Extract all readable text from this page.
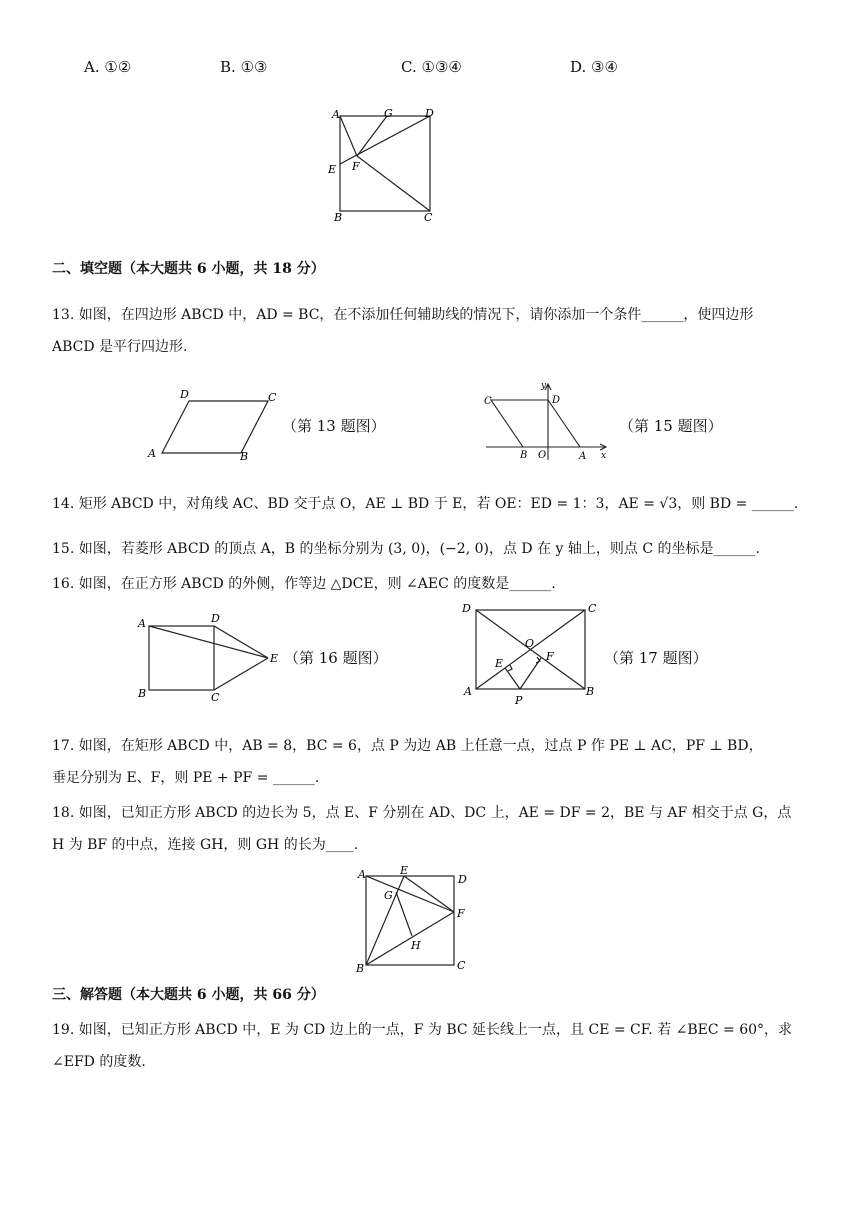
A. ①②	B. ①③	C. ①③④	D. ③④
A	G	D
E F
B	C
二、填空题（本大题共 6 小题，共 18 分）
13. 如图，在四边形 ABCD 中，AD = BC，在不添加任何辅助线的情况下，请你添加一个条件______，使四边形
ABCD 是平行四边形.
D	C
A	B
（第 13 题图）
C	D
B O	A x
y
（第 15 题图）
14. 矩形 ABCD 中，对角线 AC、BD 交于点 O，AE ⊥ BD 于 E，若 OE：ED = 1：3，AE = √3，则 BD = ______.
15. 如图，若菱形 ABCD 的顶点 A，B 的坐标分别为 (3, 0)，(−2, 0)，点 D 在 y 轴上，则点 C 的坐标是______.
16. 如图，在正方形 ABCD 的外侧，作等边 △DCE，则 ∠AEC 的度数是______.
A	D
E
B	C
（第 16 题图）
D	C
O
E
F
A
P
B
（第 17 题图）
17. 如图，在矩形 ABCD 中，AB = 8，BC = 6，点 P 为边 AB 上任意一点，过点 P 作 PE ⊥ AC，PF ⊥ BD，
垂足分别为 E、F，则 PE + PF = ______.
18. 如图，已知正方形 ABCD 的边长为 5，点 E、F 分别在 AD、DC 上，AE = DF = 2，BE 与 AF 相交于点 G，点
H 为 BF 的中点，连接 GH，则 GH 的长为____.
A	E
D
G
F
H
B	C
三、解答题（本大题共 6 小题，共 66 分）
19. 如图，已知正方形 ABCD 中，E 为 CD 边上的一点，F 为 BC 延长线上一点，且 CE = CF. 若 ∠BEC = 60°，求
∠EFD 的度数.
